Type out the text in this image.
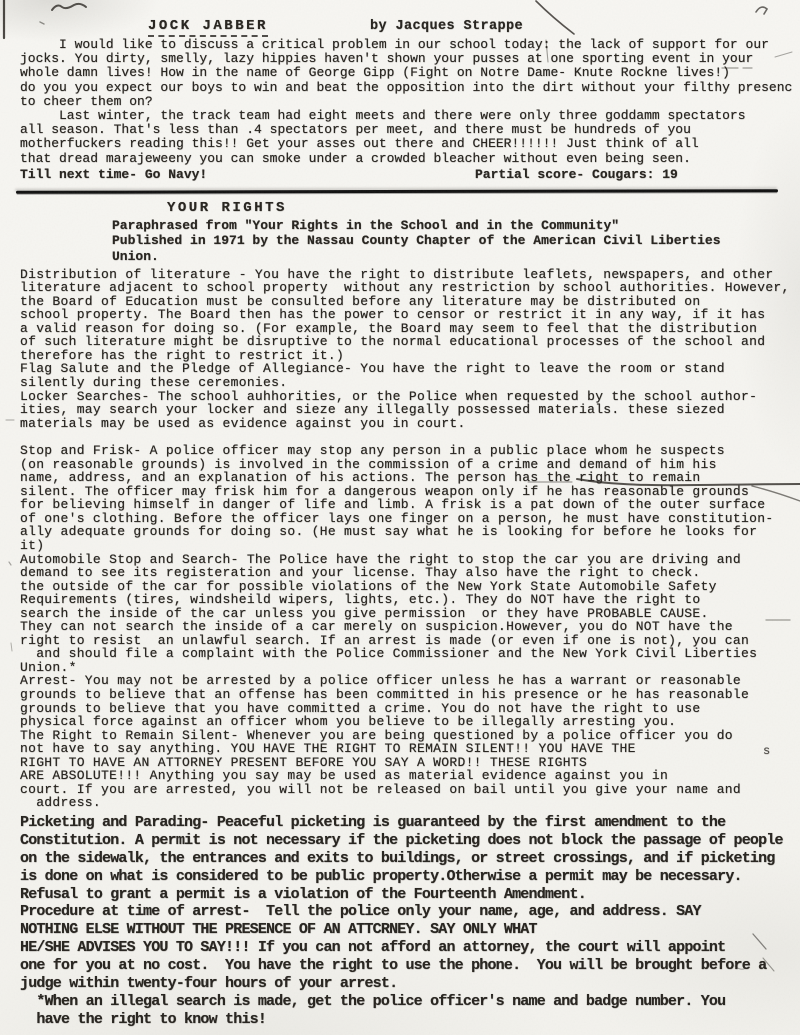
JOCK JABBER	by Jacques Strappe
I would like to discuss a critical problem in our school today: the lack of support for our
jocks. You dirty, smelly, lazy hippies haven't shown your pusses at one sporting event in your
whole damn lives! How in the name of George Gipp (Fight on Notre Dame- Knute Rockne lives!)
do you you expect our boys to win and beat the opposition into the dirt without your filthy presenc
to cheer them on?
Last winter, the track team had eight meets and there were only three goddamm spectators
all season. That's less than .4 spectators per meet, and there must be hundreds of you
motherfuckers reading this!! Get your asses out there and CHEER!!!!!! Just think of all
that dread marajeweeny you can smoke under a crowded bleacher without even being seen.
Till next time- Go Navy!	Partial score- Cougars: 19
YOUR RIGHTS
Paraphrased from "Your Rights in the School and in the Community"
Published in 1971 by the Nassau County Chapter of the American Civil Liberties
Union.
Distribution of literature - You have the right to distribute leaflets, newspapers, and other
literature adjacent to school property  without any restriction by school authorities. However,
the Board of Education must be consulted before any literature may be distributed on
school property. The Board then has the power to censor or restrict it in any way, if it has
a valid reason for doing so. (For example, the Board may seem to feel that the distribution
of such literature might be disruptive to the normal educational processes of the school and
therefore has the right to restrict it.)
Flag Salute and the Pledge of Allegiance- You have the right to leave the room or stand
silently during these ceremonies.
Locker Searches- The school auhhorities, or the Police when requested by the school author-
ities, may search your locker and sieze any illegally possessed materials. these siezed
materials may be used as evidence against you in court.
Stop and Frisk- A police officer may stop any person in a public place whom he suspects
(on reasonable grounds) is involved in the commission of a crime and demand of him his
name, address, and an explanation of his actions. The person has the right to remain
silent. The officer may frisk him for a dangerous weapon only if he has reasonable grounds
for believing himself in danger of life and limb. A frisk is a pat down of the outer surface
of one's clothing. Before the officer lays one finger on a person, he must have constitution-
ally adequate grounds for doing so. (He must say what he is looking for before he looks for
it)
Automobile Stop and Search- The Police have the right to stop the car you are driving and
demand to see its registeration and your license. Thay also have the right to check.
the outside of the car for possible violations of the New York State Automobile Safety
Requirements (tires, windsheild wipers, lights, etc.). They do NOT have the right to
search the inside of the car unless you give permission  or they have PROBABLE CAUSE.
They can not search the inside of a car merely on suspicion.However, you do NOT have the
right to resist  an unlawful search. If an arrest is made (or even if one is not), you can
and should file a complaint with the Police Commissioner and the New York Civil Liberties
Union.*
Arrest- You may not be arrested by a police officer unless he has a warrant or reasonable
grounds to believe that an offense has been committed in his presence or he has reasonable
grounds to believe that you have committed a crime. You do not have the right to use
physical force against an officer whom you believe to be illegally arresting you.
The Right to Remain Silent- Whenever you are being questioned by a police officer you do
not have to say anything. YOU HAVE THE RIGHT TO REMAIN SILENT!! YOU HAVE THE
RIGHT TO HAVE AN ATTORNEY PRESENT BEFORE YOU SAY A WORD!! THESE RIGHTS
ARE ABSOLUTE!!! Anything you say may be used as material evidence against you in
court. If you are arrested, you will not be released on bail until you give your name and
address.
Picketing and Parading- Peaceful picketing is guaranteed by the first amendment to the
Constitution. A permit is not necessary if the picketing does not block the passage of people
on the sidewalk, the entrances and exits to buildings, or street crossings, and if picketing
is done on what is considered to be public property.Otherwise a permit may be necessary.
Refusal to grant a permit is a violation of the Fourteenth Amendment.
Procedure at time of arrest-  Tell the police only your name, age, and address. SAY
NOTHING ELSE WITHOUT THE PRESENCE OF AN ATTCRNEY. SAY ONLY WHAT
HE/SHE ADVISES YOU TO SAY!!! If you can not afford an attorney, the court will appoint
one for you at no cost.  You have the right to use the phone.  You will be brought before a
judge within twenty-four hours of your arrest.
*When an illegal search is made, get the police officer's name and badge number. You
have the right to know this!
s
